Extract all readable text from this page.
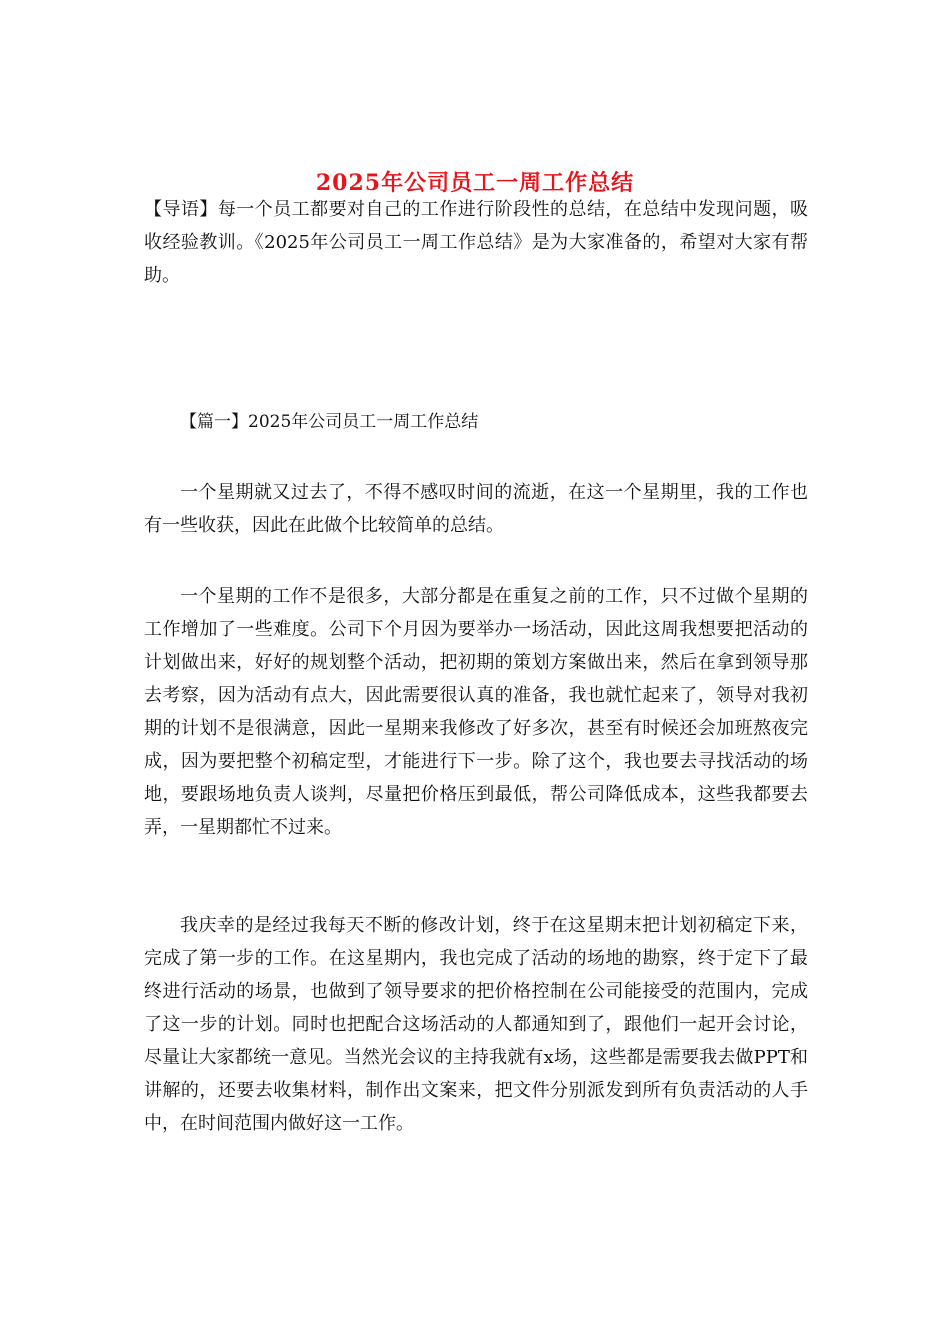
2025年公司员工一周工作总结

【导语】每一个员工都要对自己的工作进行阶段性的总结，在总结中发现问题，吸收经验教训。《2025年公司员工一周工作总结》是为大家准备的，希望对大家有帮助。

【篇一】2025年公司员工一周工作总结

一个星期就又过去了，不得不感叹时间的流逝，在这一个星期里，我的工作也有一些收获，因此在此做个比较简单的总结。

一个星期的工作不是很多，大部分都是在重复之前的工作，只不过做个星期的工作增加了一些难度。公司下个月因为要举办一场活动，因此这周我想要把活动的计划做出来，好好的规划整个活动，把初期的策划方案做出来，然后在拿到领导那去考察，因为活动有点大，因此需要很认真的准备，我也就忙起来了，领导对我初期的计划不是很满意，因此一星期来我修改了好多次，甚至有时候还会加班熬夜完成，因为要把整个初稿定型，才能进行下一步。除了这个，我也要去寻找活动的场地，要跟场地负责人谈判，尽量把价格压到最低，帮公司降低成本，这些我都要去弄，一星期都忙不过来。

我庆幸的是经过我每天不断的修改计划，终于在这星期末把计划初稿定下来，完成了第一步的工作。在这星期内，我也完成了活动的场地的勘察，终于定下了最终进行活动的场景，也做到了领导要求的把价格控制在公司能接受的范围内，完成了这一步的计划。同时也把配合这场活动的人都通知到了，跟他们一起开会讨论，尽量让大家都统一意见。当然光会议的主持我就有x场，这些都是需要我去做PPT和讲解的，还要去收集材料，制作出文案来，把文件分别派发到所有负责活动的人手中，在时间范围内做好这一工作。
